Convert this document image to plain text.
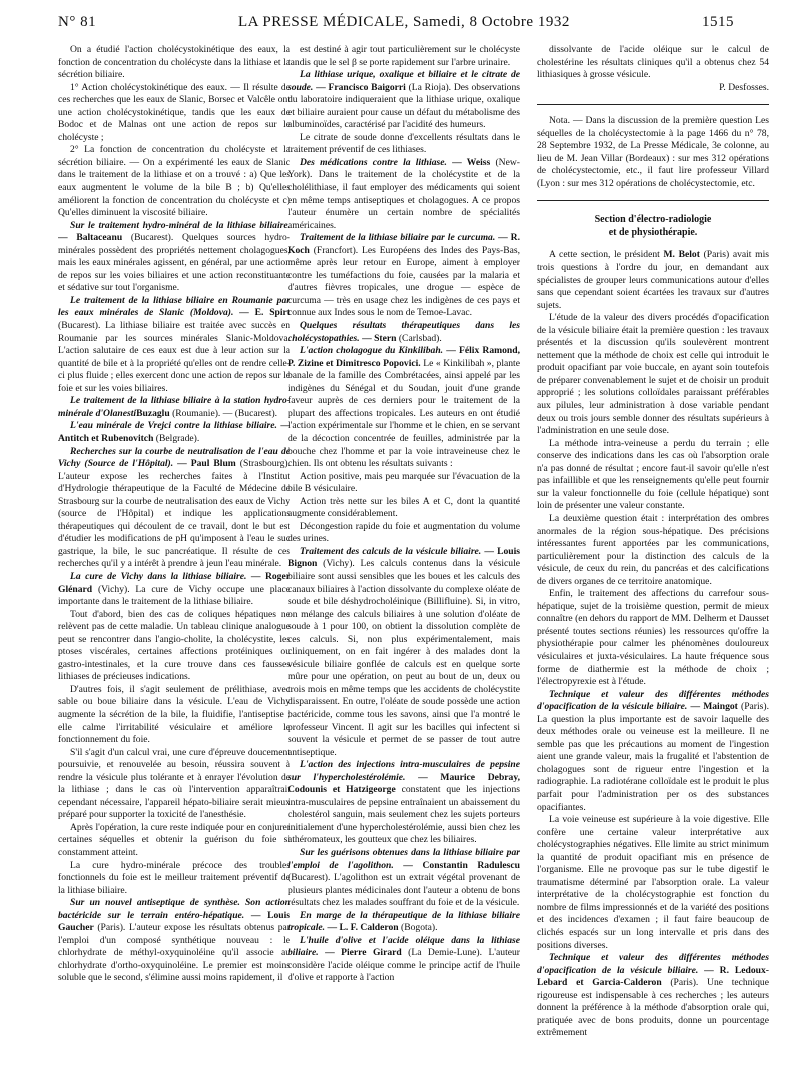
N° 81	LA PRESSE MÉDICALE, Samedi, 8 Octobre 1932	1515

On a étudié l'action cholécystokinétique des eaux, la fonction de concentration du cholécyste dans la lithiase et la sécrétion biliaire.

1° Action cholécystokinétique des eaux. — Il résulte de ces recherches que les eaux de Slanic, Borsec et Valcêle ont une action cholécystokinétique, tandis que les eaux de Bodoc et de Malnas ont une action de repos sur le cholécyste ;

2° La fonction de concentration du cholécyste et la sécrétion biliaire. — On a expérimenté les eaux de Slanic dans le traitement de la lithiase et on a trouvé : a) Que les eaux augmentent le volume de la bile B ; b) Qu'elles améliorent la fonction de concentration du cholécyste et c) Qu'elles diminuent la viscosité biliaire.

Sur le traitement hydro-minéral de la lithiase biliaire. — Baltaceanu (Bucarest). Quelques sources hydro-minérales possèdent des propriétés nettement cholagogues, mais les eaux minérales agissent, en général, par une action de repos sur les voies biliaires et une action reconstituante et sédative sur tout l'organisme.

Le traitement de la lithiase biliaire en Roumanie par les eaux minérales de Slanic (Moldova). — E. Spirt (Bucarest). La lithiase biliaire est traitée avec succès en Roumanie par les sources minérales Slanic-Moldova. L'action salutaire de ces eaux est due à leur action sur la quantité de bile et à la propriété qu'elles ont de rendre celle-ci plus fluide ; elles exercent donc une action de repos sur le foie et sur les voies biliaires.

Le traitement de la lithiase biliaire à la station hydro-minérale d'OlanestiBuzaglu (Roumanie). — (Bucarest).

L'eau minérale de Vrejci contre la lithiase biliaire. — Antitch et Rubenovitch (Belgrade).

Recherches sur la courbe de neutralisation de l'eau de Vichy (Source de l'Hôpital). — Paul Blum (Strasbourg). L'auteur expose les recherches faites à l'Institut d'Hydrologie thérapeutique de la Faculté de Médecine de Strasbourg sur la courbe de neutralisation des eaux de Vichy (source de l'Hôpital) et indique les applications thérapeutiques qui découlent de ce travail, dont le but est d'étudier les modifications de pH qu'imposent à l'eau le suc gastrique, la bile, le suc pancréatique. Il résulte de ces recherches qu'il y a intérêt à prendre à jeun l'eau minérale.

La cure de Vichy dans la lithiase biliaire. — Roger Glénard (Vichy). La cure de Vichy occupe une place importante dans le traitement de la lithiase biliaire.

Tout d'abord, bien des cas de coliques hépatiques ne relèvent pas de cette maladie. Un tableau clinique analogue peut se rencontrer dans l'angio-cholite, la cholécystite, les ptoses viscérales, certaines affections protéiniques ou gastro-intestinales, et la cure trouve dans ces fausses lithiases de précieuses indications.

D'autres fois, il s'agit seulement de prélithiase, avec sable ou boue biliaire dans la vésicule. L'eau de Vichy augmente la sécrétion de la bile, la fluidifie, l'antiseptise ; elle calme l'irritabilité vésiculaire et améliore le fonctionnement du foie.

S'il s'agit d'un calcul vrai, une cure d'épreuve doucement poursuivie, et renouvelée au besoin, réussira souvent à rendre la vésicule plus tolérante et à enrayer l'évolution de la lithiase ; dans le cas où l'intervention apparaîtrait cependant nécessaire, l'appareil hépato-biliaire serait mieux préparé pour supporter la toxicité de l'anesthésie.

Après l'opération, la cure reste indiquée pour en conjurer certaines séquelles et obtenir la guérison du foie si constamment atteint.

La cure hydro-minérale précoce des troubles fonctionnels du foie est le meilleur traitement préventif de la lithiase biliaire.

Sur un nouvel antiseptique de synthèse. Son action bactéricide sur le terrain entéro-hépatique. — Louis Gaucher (Paris). L'auteur expose les résultats obtenus par l'emploi d'un composé synthétique nouveau : le chlorhydrate de méthyl-oxyquinoléine qu'il associe au chlorhydrate d'ortho-oxyquinoléine. Le premier est moins soluble que le second, s'élimine aussi moins rapidement, il

est destiné à agir tout particulièrement sur le cholécyste tandis que le sel β se porte rapidement sur l'arbre urinaire.

La lithiase urique, oxalique et biliaire et le citrate de soude. — Francisco Baigorri (La Rioja). Des observations du laboratoire indiqueraient que la lithiase urique, oxalique et biliaire auraient pour cause un défaut du métabolisme des albuminoïdes, caractérisé par l'acidité des humeurs.

Le citrate de soude donne d'excellents résultats dans le traitement préventif de ces lithiases.

Des médications contre la lithiase. — Weiss (New-York). Dans le traitement de la cholécystite et de la cholélithiase, il faut employer des médicaments qui soient en même temps antiseptiques et cholagogues. A ce propos l'auteur énumère un certain nombre de spécialités américaines.

Traitement de la lithiase biliaire par le curcuma. — R. Koch (Francfort). Les Européens des Indes des Pays-Bas, même après leur retour en Europe, aiment à employer contre les tuméfactions du foie, causées par la malaria et d'autres fièvres tropicales, une drogue — espèce de curcuma — très en usage chez les indigènes de ces pays et connue aux Indes sous le nom de Temoe-Lavac.

Quelques résultats thérapeutiques dans les cholécystopathies. — Stern (Carlsbad).

L'action cholagogue du Kinkilibah. — Félix Ramond, P. Zizine et Dimitresco Popovici. Le « Kinkilibah », plante banale de la famille des Combrétacées, ainsi appelé par les indigènes du Sénégal et du Soudan, jouit d'une grande faveur auprès de ces derniers pour le traitement de la plupart des affections tropicales. Les auteurs en ont étudié l'action expérimentale sur l'homme et le chien, en se servant de la décoction concentrée de feuilles, administrée par la bouche chez l'homme et par la voie intraveineuse chez le chien. Ils ont obtenu les résultats suivants :

Action positive, mais peu marquée sur l'évacuation de la bile B vésiculaire.

Action très nette sur les biles A et C, dont la quantité augmente considérablement.

Décongestion rapide du foie et augmentation du volume des urines.

Traitement des calculs de la vésicule biliaire. — Louis Bignon (Vichy). Les calculs contenus dans la vésicule biliaire sont aussi sensibles que les boues et les calculs des canaux biliaires à l'action dissolvante du complexe oléate de soude et bile déshydrocholéinique (Billifluine). Si, in vitro, on mélange des calculs biliaires à une solution d'oléate de soude à 1 pour 100, on obtient la dissolution complète de ces calculs. Si, non plus expérimentalement, mais cliniquement, on en fait ingérer à des malades dont la vésicule biliaire gonflée de calculs est en quelque sorte mûre pour une opération, on peut au bout de un, deux ou trois mois en même temps que les accidents de cholécystite disparaissent. En outre, l'oléate de soude possède une action bactéricide, comme tous les savons, ainsi que l'a montré le professeur Vincent. Il agit sur les bacilles qui infectent si souvent la vésicule et permet de se passer de tout autre antiseptique.

L'action des injections intra-musculaires de pepsine sur l'hypercholestérolémie. — Maurice Debray, Codounis et Hatzigeorge constatent que les injections intra-musculaires de pepsine entraînaient un abaissement du cholestérol sanguin, mais seulement chez les sujets porteurs initialement d'une hypercholestérolémie, aussi bien chez les athéromateux, les goutteux que chez les biliaires.

Sur les guérisons obtenues dans la lithiase biliaire par l'emploi de l'agolithon. — Constantin Radulescu (Bucarest). L'agolithon est un extrait végétal provenant de plusieurs plantes médicinales dont l'auteur a obtenu de bons résultats chez les malades souffrant du foie et de la vésicule.

En marge de la thérapeutique de la lithiase biliaire tropicale. — L. F. Calderon (Bogota).

L'huile d'olive et l'acide oléique dans la lithiase biliaire. — Pierre Girard (La Demie-Lune). L'auteur considère l'acide oléique comme le principe actif de l'huile d'olive et rapporte à l'action

dissolvante de l'acide oléique sur le calcul de cholestérine les résultats cliniques qu'il a obtenus chez 54 lithiasiques à grosse vésicule.

P. Desfosses.

Nota. — Dans la discussion de la première question Les séquelles de la cholécystectomie à la page 1466 du n° 78, 28 Septembre 1932, de La Presse Médicale, 3e colonne, au lieu de M. Jean Villar (Bordeaux) : sur mes 312 opérations de cholécystectomie, etc., il faut lire professeur Villard (Lyon : sur mes 312 opérations de cholécystectomie, etc.

Section d'électro-radiologie
et de physiothérapie.

A cette section, le président M. Belot (Paris) avait mis trois questions à l'ordre du jour, en demandant aux spécialistes de grouper leurs communications autour d'elles sans que cependant soient écartées les travaux sur d'autres sujets.

L'étude de la valeur des divers procédés d'opacification de la vésicule biliaire était la première question : les travaux présentés et la discussion qu'ils soulevèrent montrent nettement que la méthode de choix est celle qui introduit le produit opacifiant par voie buccale, en ayant soin toutefois de préparer convenablement le sujet et de choisir un produit approprié ; les solutions colloïdales paraissant préférables aux pilules, leur administration à dose variable pendant deux ou trois jours semble donner des résultats supérieurs à l'administration en une seule dose.

La méthode intra-veineuse a perdu du terrain ; elle conserve des indications dans les cas où l'absorption orale n'a pas donné de résultat ; encore faut-il savoir qu'elle n'est pas infaillible et que les renseignements qu'elle peut fournir sur la valeur fonctionnelle du foie (cellule hépatique) sont loin de présenter une valeur constante.

La deuxième question était : interprétation des ombres anormales de la région sous-hépatique. Des précisions intéressantes furent apportées par les communications, particulièrement pour la distinction des calculs de la vésicule, de ceux du rein, du pancréas et des calcifications de divers organes de ce territoire anatomique.

Enfin, le traitement des affections du carrefour sous-hépatique, sujet de la troisième question, permit de mieux connaître (en dehors du rapport de MM. Delherm et Dausset présenté toutes sections réunies) les ressources qu'offre la physiothérapie pour calmer les phénomènes douloureux vésiculaires et juxta-vésiculaires. La haute fréquence sous forme de diathermie est la méthode de choix ; l'électropyrexie est à l'étude.

Technique et valeur des différentes méthodes d'opacification de la vésicule biliaire. — Maingot (Paris). La question la plus importante est de savoir laquelle des deux méthodes orale ou veineuse est la meilleure. Il ne semble pas que les précautions au moment de l'ingestion aient une grande valeur, mais la frugalité et l'abstention de cholagogues sont de rigueur entre l'ingestion et la radiographie. La radiotérane colloïdale est le produit le plus parfait pour l'administration per os des substances opacifiantes.

La voie veineuse est supérieure à la voie digestive. Elle confère une certaine valeur interprétative aux cholécystographies négatives. Elle limite au strict minimum la quantité de produit opacifiant mis en présence de l'organisme. Elle ne provoque pas sur le tube digestif le traumatisme déterminé par l'absorption orale. La valeur interprétative de la cholécystographie est fonction du nombre de films impressionnés et de la variété des positions et des incidences d'examen ; il faut faire beaucoup de clichés espacés sur un long intervalle et pris dans des positions diverses.

Technique et valeur des différentes méthodes d'opacification de la vésicule biliaire. — R. Ledoux-Lebard et Garcia-Calderon (Paris). Une technique rigoureuse est indispensable à ces recherches ; les auteurs donnent la préférence à la méthode d'absorption orale qui, pratiquée avec de bons produits, donne un pourcentage extrêmement
